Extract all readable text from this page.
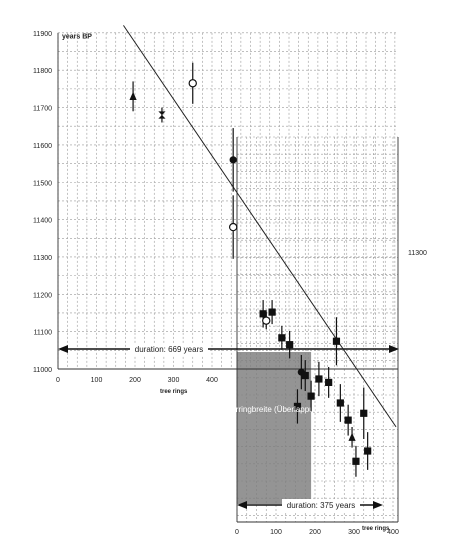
Jahrringbreite (Überlappung)
11000
11100
11200
11300
11400
11500
11600
11700
11800
11900
0	100	200	300	400
years BP
tree rings
0	100	200	300	400
tree rings
11300
duration: 669 years
duration: 375 years
